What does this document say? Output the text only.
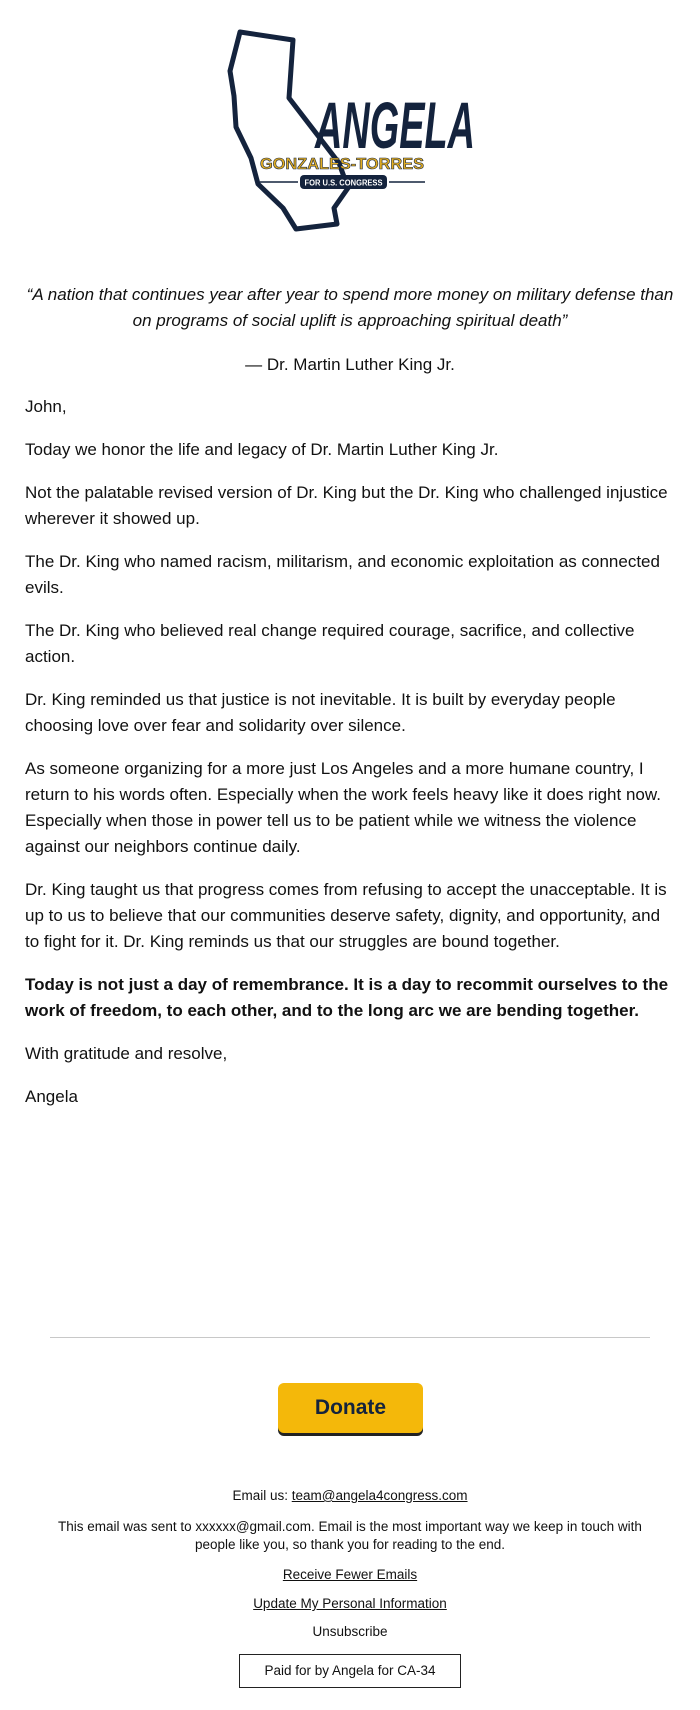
ANGELA
GONZALES-TORRES
FOR U.S. CONGRESS
“A nation that continues year after year to spend more money on military defense than on programs of social uplift is approaching spiritual death”
— Dr. Martin Luther King Jr.

John,

Today we honor the life and legacy of Dr. Martin Luther King Jr.

Not the palatable revised version of Dr. King but the Dr. King who challenged injustice wherever it showed up.

The Dr. King who named racism, militarism, and economic exploitation as connected evils.

The Dr. King who believed real change required courage, sacrifice, and collective action.

Dr. King reminded us that justice is not inevitable. It is built by everyday people choosing love over fear and solidarity over silence.

As someone organizing for a more just Los Angeles and a more humane country, I return to his words often. Especially when the work feels heavy like it does right now. Especially when those in power tell us to be patient while we witness the violence against our neighbors continue daily.

Dr. King taught us that progress comes from refusing to accept the unacceptable. It is up to us to believe that our communities deserve safety, dignity, and opportunity, and to fight for it. Dr. King reminds us that our struggles are bound together.

Today is not just a day of remembrance. It is a day to recommit ourselves to the work of freedom, to each other, and to the long arc we are bending together.

With gratitude and resolve,

Angela

Donate
Email us: team@angela4congress.com
This email was sent to xxxxxx@gmail.com. Email is the most important way we keep in touch with people like you, so thank you for reading to the end.
Receive Fewer Emails
Update My Personal Information
Unsubscribe
Paid for by Angela for CA-34
